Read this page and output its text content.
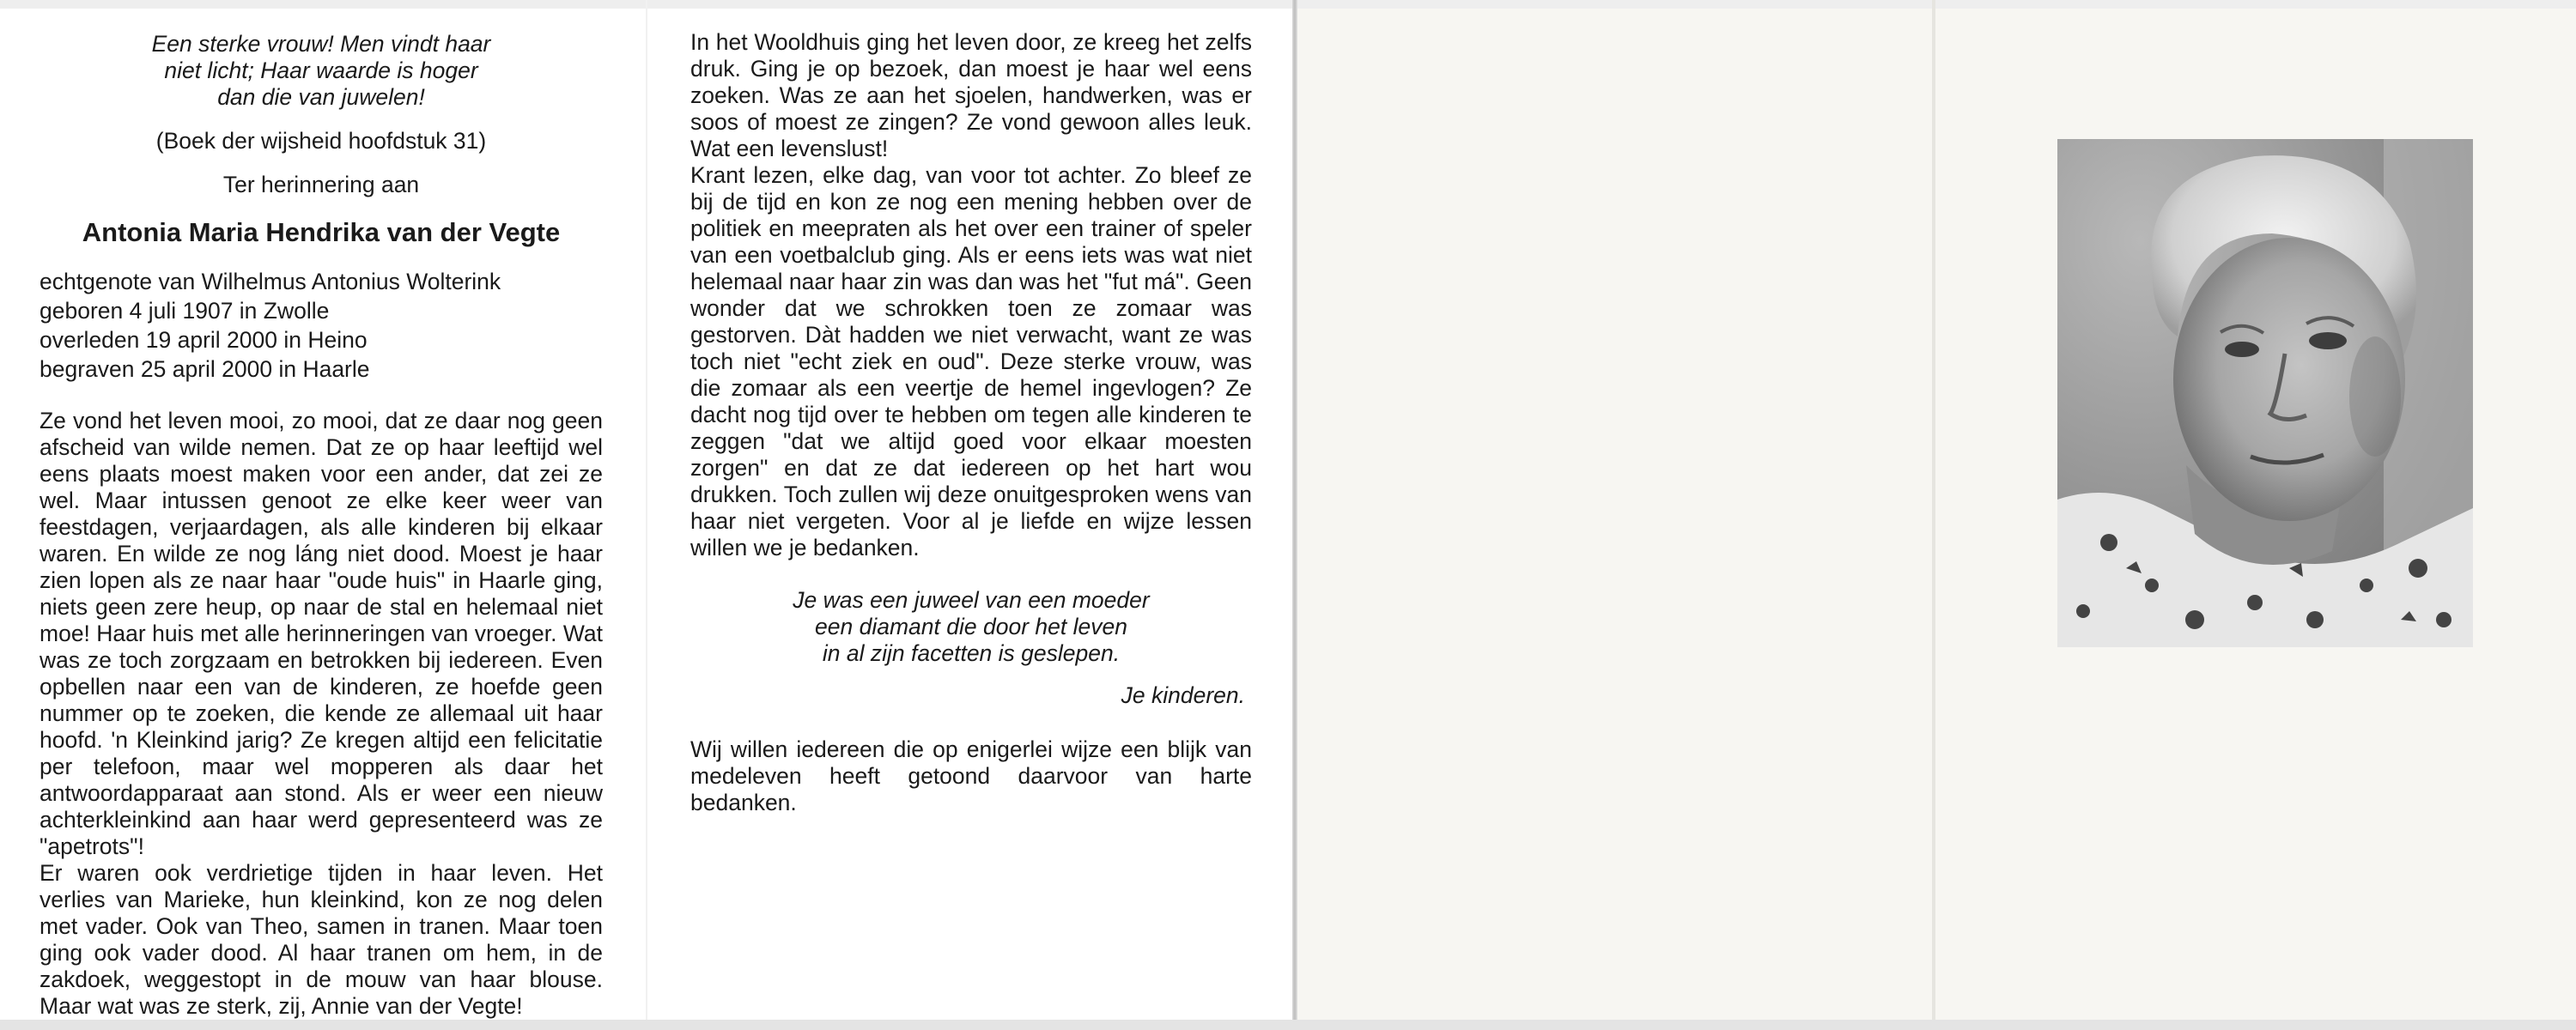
Een sterke vrouw! Men vindt haar
niet licht; Haar waarde is hoger
dan die van juwelen!

(Boek der wijsheid hoofdstuk 31)

Ter herinnering aan

Antonia Maria Hendrika van der Vegte

echtgenote van Wilhelmus Antonius Wolterink
geboren 4 juli 1907 in Zwolle
overleden 19 april 2000 in Heino
begraven 25 april 2000 in Haarle

Ze vond het leven mooi, zo mooi, dat ze daar nog geen afscheid van wilde nemen. Dat ze op haar leeftijd wel eens plaats moest maken voor een ander, dat zei ze wel. Maar intussen genoot ze elke keer weer van feestdagen, verjaardagen, als alle kinderen bij elkaar waren. En wilde ze nog láng niet dood. Moest je haar zien lopen als ze naar haar "oude huis" in Haarle ging, niets geen zere heup, op naar de stal en helemaal niet moe! Haar huis met alle herinneringen van vroeger. Wat was ze toch zorgzaam en betrokken bij iedereen. Even opbellen naar een van de kinderen, ze hoefde geen nummer op te zoeken, die kende ze allemaal uit haar hoofd. 'n Kleinkind jarig? Ze kregen altijd een felicitatie per telefoon, maar wel mopperen als daar het antwoordapparaat aan stond. Als er weer een nieuw achterkleinkind aan haar werd gepresenteerd was ze "apetrots"!

Er waren ook verdrietige tijden in haar leven. Het verlies van Marieke, hun kleinkind, kon ze nog delen met vader. Ook van Theo, samen in tranen. Maar toen ging ook vader dood. Al haar tranen om hem, in de zakdoek, weggestopt in de mouw van haar blouse. Maar wat was ze sterk, zij, Annie van der Vegte!

In het Wooldhuis ging het leven door, ze kreeg het zelfs druk. Ging je op bezoek, dan moest je haar wel eens zoeken. Was ze aan het sjoelen, handwerken, was er soos of moest ze zingen? Ze vond gewoon alles leuk. Wat een levenslust!

Krant lezen, elke dag, van voor tot achter. Zo bleef ze bij de tijd en kon ze nog een mening hebben over de politiek en meepraten als het over een trainer of speler van een voetbalclub ging. Als er eens iets was wat niet helemaal naar haar zin was dan was het "fut má". Geen wonder dat we schrokken toen ze zomaar was gestorven. Dàt hadden we niet verwacht, want ze was toch niet "echt ziek en oud". Deze sterke vrouw, was die zomaar als een veertje de hemel ingevlogen? Ze dacht nog tijd over te hebben om tegen alle kinderen te zeggen "dat we altijd goed voor elkaar moesten zorgen" en dat ze dat iedereen op het hart wou drukken. Toch zullen wij deze onuitgesproken wens van haar niet vergeten. Voor al je liefde en wijze lessen willen we je bedanken.

Je was een juweel van een moeder
een diamant die door het leven
in al zijn facetten is geslepen.

Je kinderen.

Wij willen iedereen die op enigerlei wijze een blijk van medeleven heeft getoond daarvoor van harte bedanken.
